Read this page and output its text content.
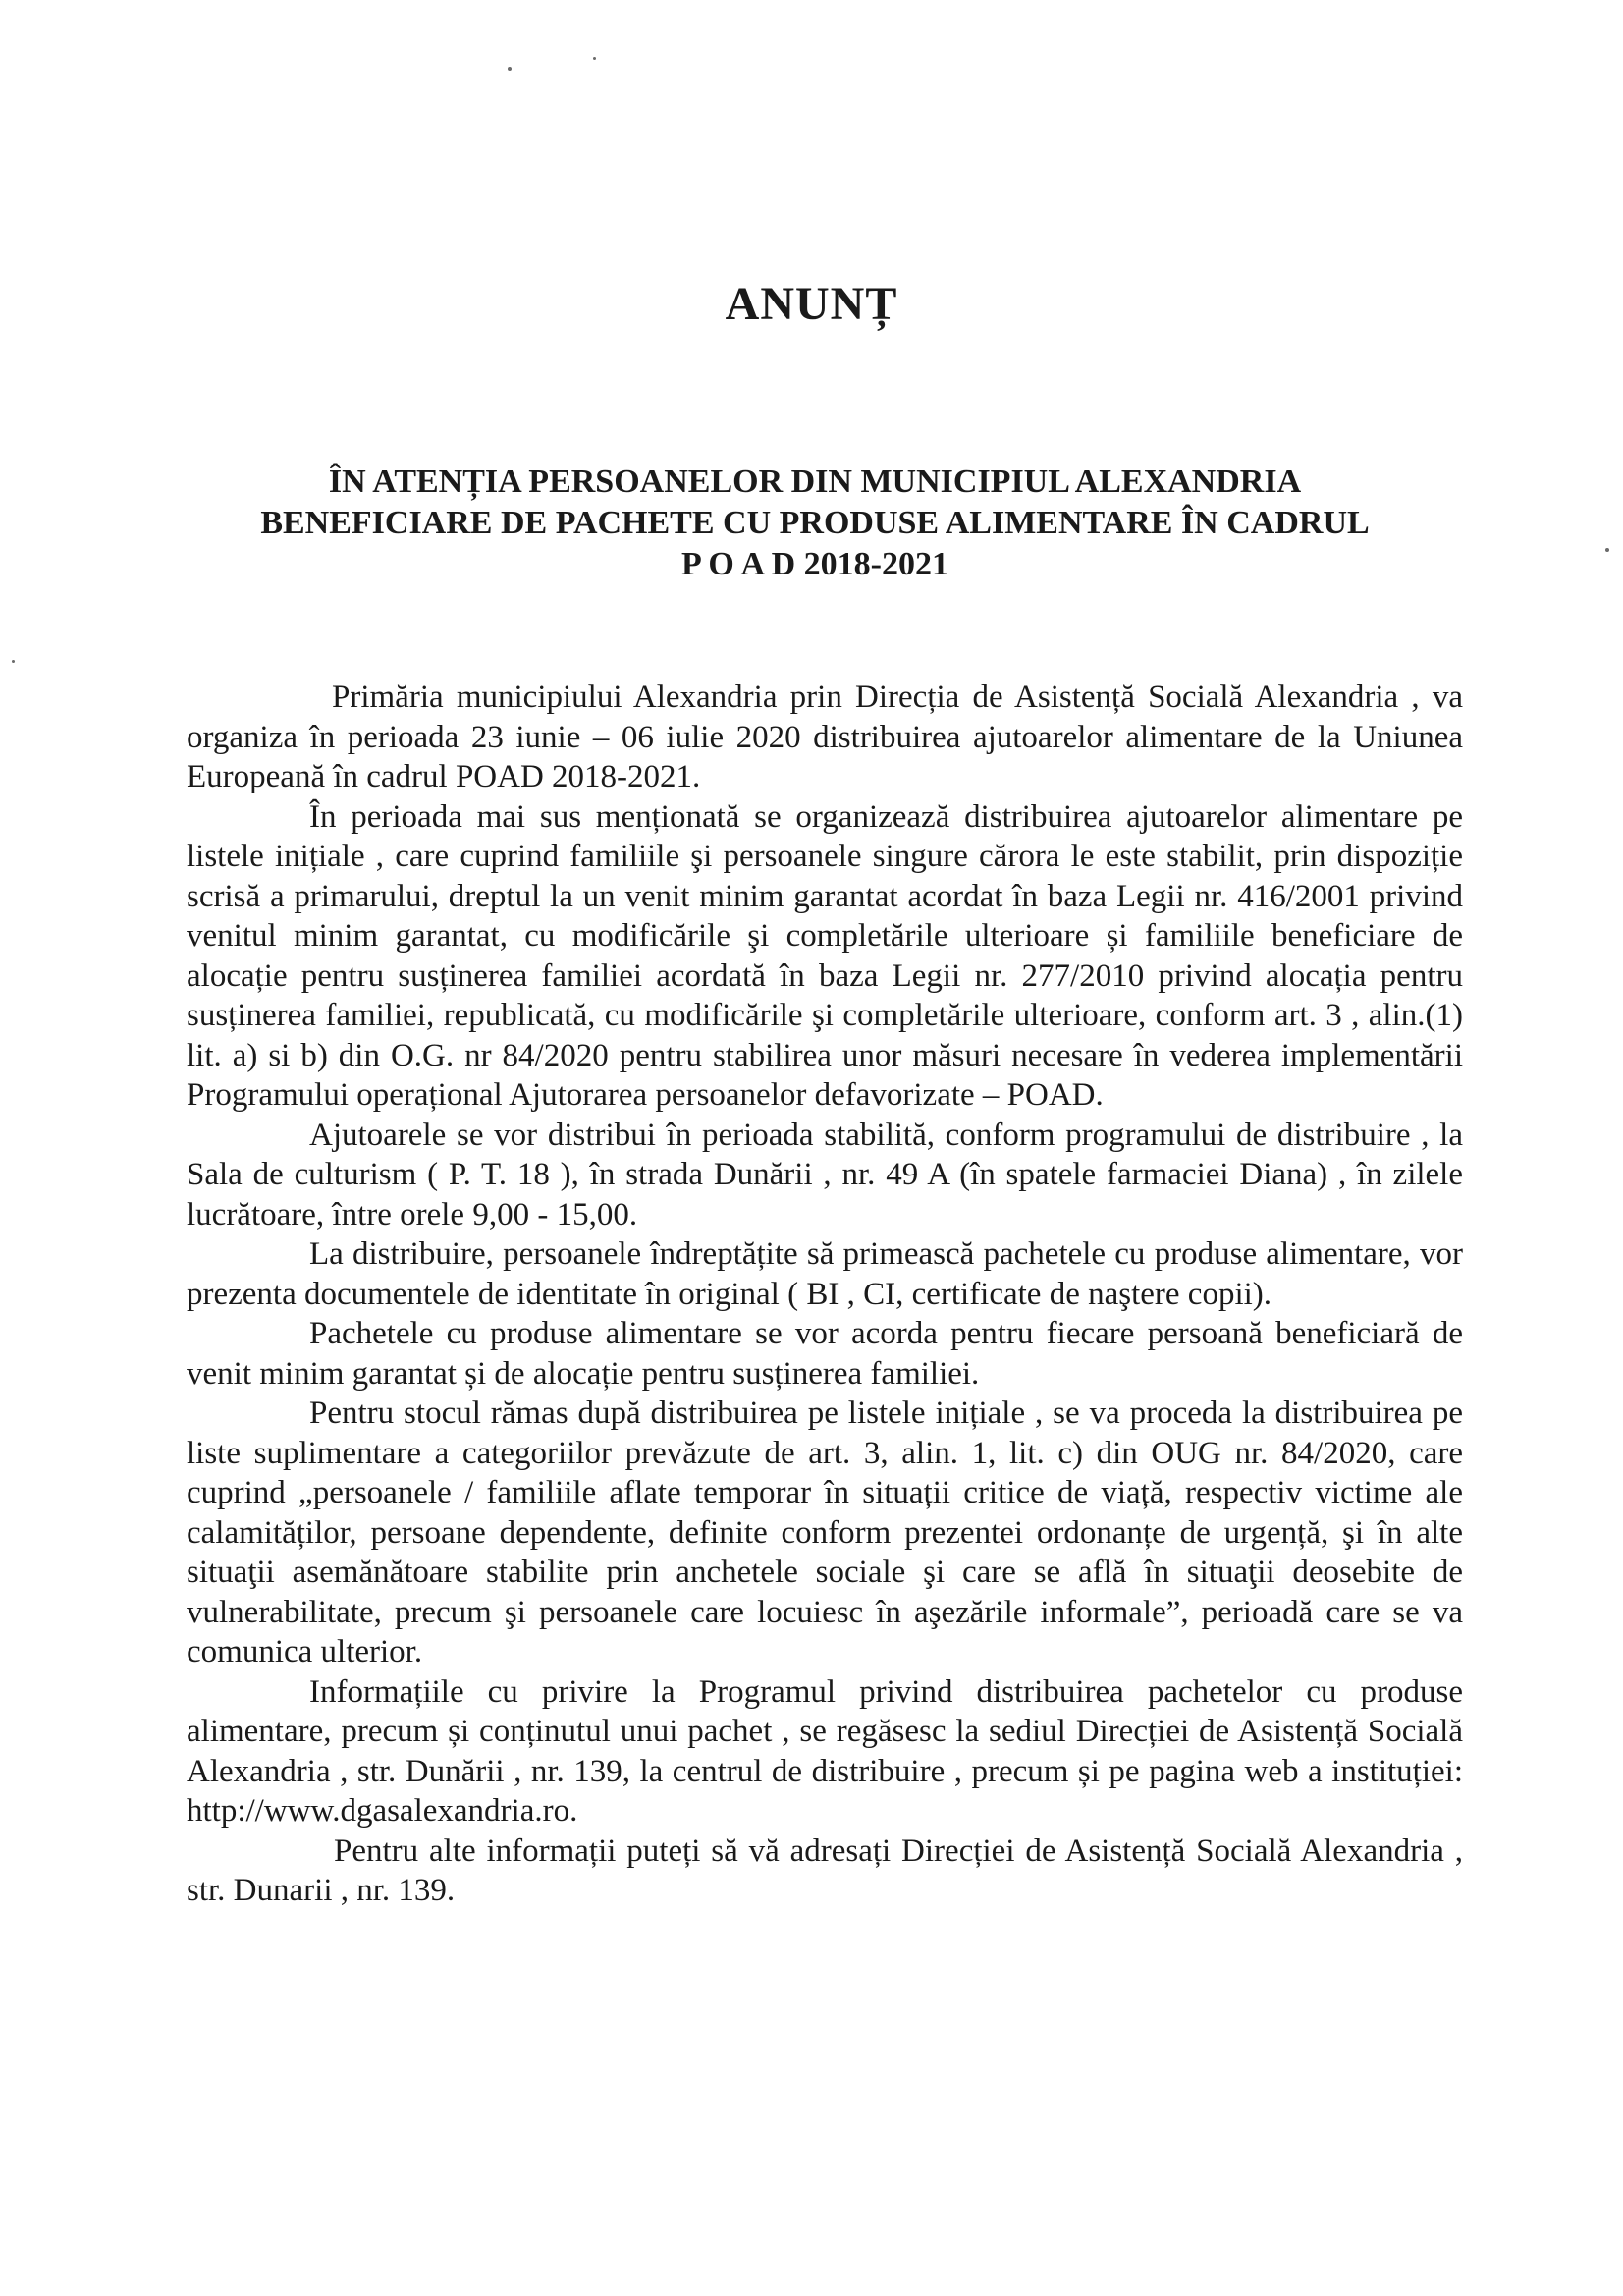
ANUNȚ
ÎN ATENȚIA PERSOANELOR DIN MUNICIPIUL ALEXANDRIA
BENEFICIARE DE PACHETE CU PRODUSE ALIMENTARE ÎN CADRUL
P O A D 2018-2021

Primăria municipiului Alexandria prin Direcția de Asistență Socială Alexandria , va organiza în perioada 23 iunie – 06 iulie 2020 distribuirea ajutoarelor alimentare de la Uniunea Europeană în cadrul POAD 2018-2021.

În perioada mai sus menționată se organizează distribuirea ajutoarelor alimentare pe listele inițiale , care cuprind familiile şi persoanele singure cărora le este stabilit, prin dispoziție scrisă a primarului, dreptul la un venit minim garantat acordat în baza Legii nr. 416/2001 privind venitul minim garantat, cu modificările şi completările ulterioare și familiile beneficiare de alocație pentru susținerea familiei acordată în baza Legii nr. 277/2010 privind alocația pentru susținerea familiei, republicată, cu modificările şi completările ulterioare, conform art. 3 , alin.(1) lit. a) si b) din O.G. nr 84/2020 pentru stabilirea unor măsuri necesare în vederea implementării Programului operațional Ajutorarea persoanelor defavorizate – POAD.

Ajutoarele se vor distribui în perioada stabilită, conform programului de distribuire , la Sala de culturism ( P. T. 18 ), în strada Dunării , nr. 49 A (în spatele farmaciei Diana) , în zilele lucrătoare, între orele 9,00 - 15,00.

La distribuire, persoanele îndreptățite să primească pachetele cu produse alimentare, vor prezenta documentele de identitate în original ( BI , CI, certificate de naştere copii).

Pachetele cu produse alimentare se vor acorda pentru fiecare persoană beneficiară de venit minim garantat și de alocație pentru susținerea familiei.

Pentru stocul rămas după distribuirea pe listele inițiale , se va proceda la distribuirea pe liste suplimentare a categoriilor prevăzute de art. 3, alin. 1, lit. c) din OUG nr. 84/2020, care cuprind „persoanele / familiile aflate temporar în situații critice de viață, respectiv victime ale calamităților, persoane dependente, definite conform prezentei ordonanțe de urgență, şi în alte situaţii asemănătoare stabilite prin anchetele sociale şi care se află în situaţii deosebite de vulnerabilitate, precum şi persoanele care locuiesc în aşezările informale”, perioadă care se va comunica ulterior.

Informațiile cu privire la Programul privind distribuirea pachetelor cu produse alimentare, precum și conținutul unui pachet , se regăsesc la sediul Direcției de Asistență Socială Alexandria , str. Dunării , nr. 139, la centrul de distribuire , precum și pe pagina web a instituției: http://www.dgasalexandria.ro.

Pentru alte informații puteți să vă adresați Direcției de Asistență Socială Alexandria , str. Dunarii , nr. 139.
